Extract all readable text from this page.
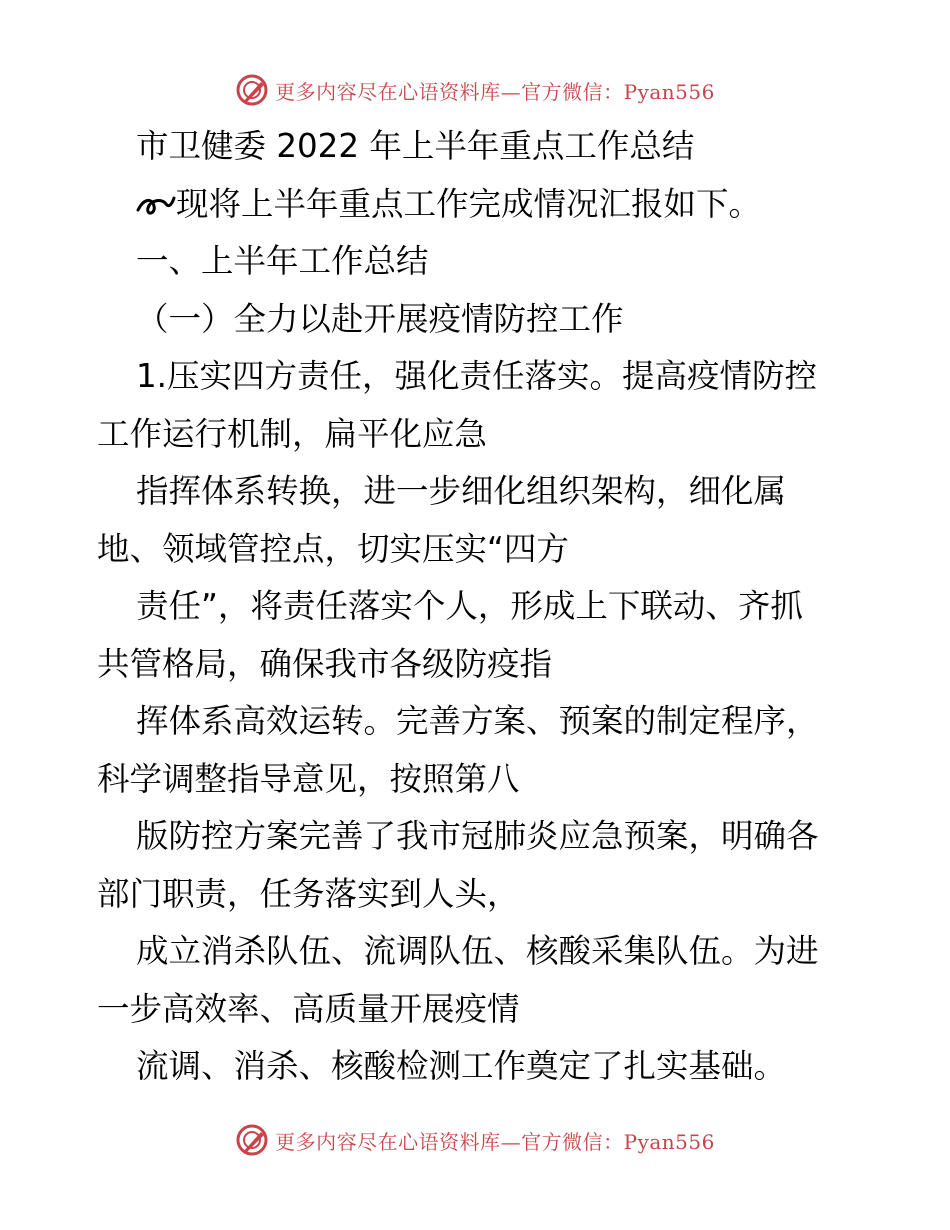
更多内容尽在心语资料库—官方微信：Pyan556
市卫健委 2022 年上半年重点工作总结
现将上半年重点工作完成情况汇报如下。
一、上半年工作总结
（一）全力以赴开展疫情防控工作
1.压实四方责任，强化责任落实。提高疫情防控
工作运行机制，扁平化应急
指挥体系转换，进一步细化组织架构，细化属
地、领域管控点，切实压实“四方
责任”，将责任落实个人，形成上下联动、齐抓
共管格局，确保我市各级防疫指
挥体系高效运转。完善方案、预案的制定程序，
科学调整指导意见，按照第八
版防控方案完善了我市冠肺炎应急预案，明确各
部门职责，任务落实到人头，
成立消杀队伍、流调队伍、核酸采集队伍。为进
一步高效率、高质量开展疫情
流调、消杀、核酸检测工作奠定了扎实基础。
更多内容尽在心语资料库—官方微信：Pyan556
